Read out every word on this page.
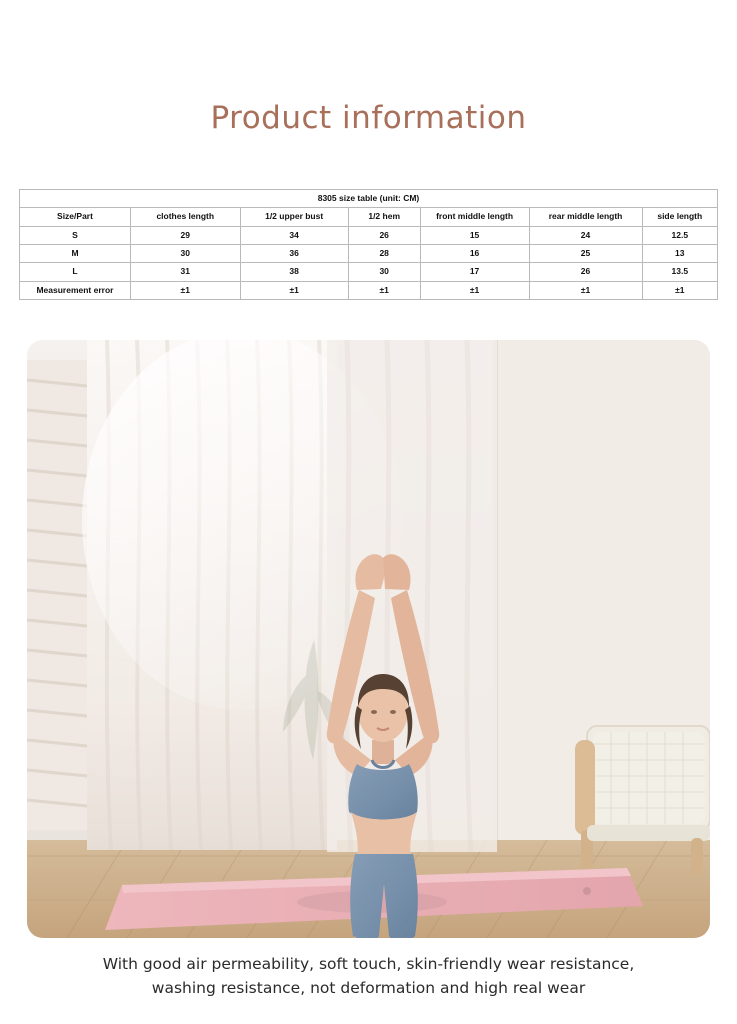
Product information
8305 size table (unit: CM)						
Size/Part	clothes length	1/2 upper bust	1/2 hem	front middle length	rear middle length	side length
S	29	34	26	15	24	12.5
M	30	36	28	16	25	13
L	31	38	30	17	26	13.5
Measurement error	±1	±1	±1	±1	±1	±1
With good air permeability, soft touch, skin-friendly wear resistance,
washing resistance, not deformation and high real wear
